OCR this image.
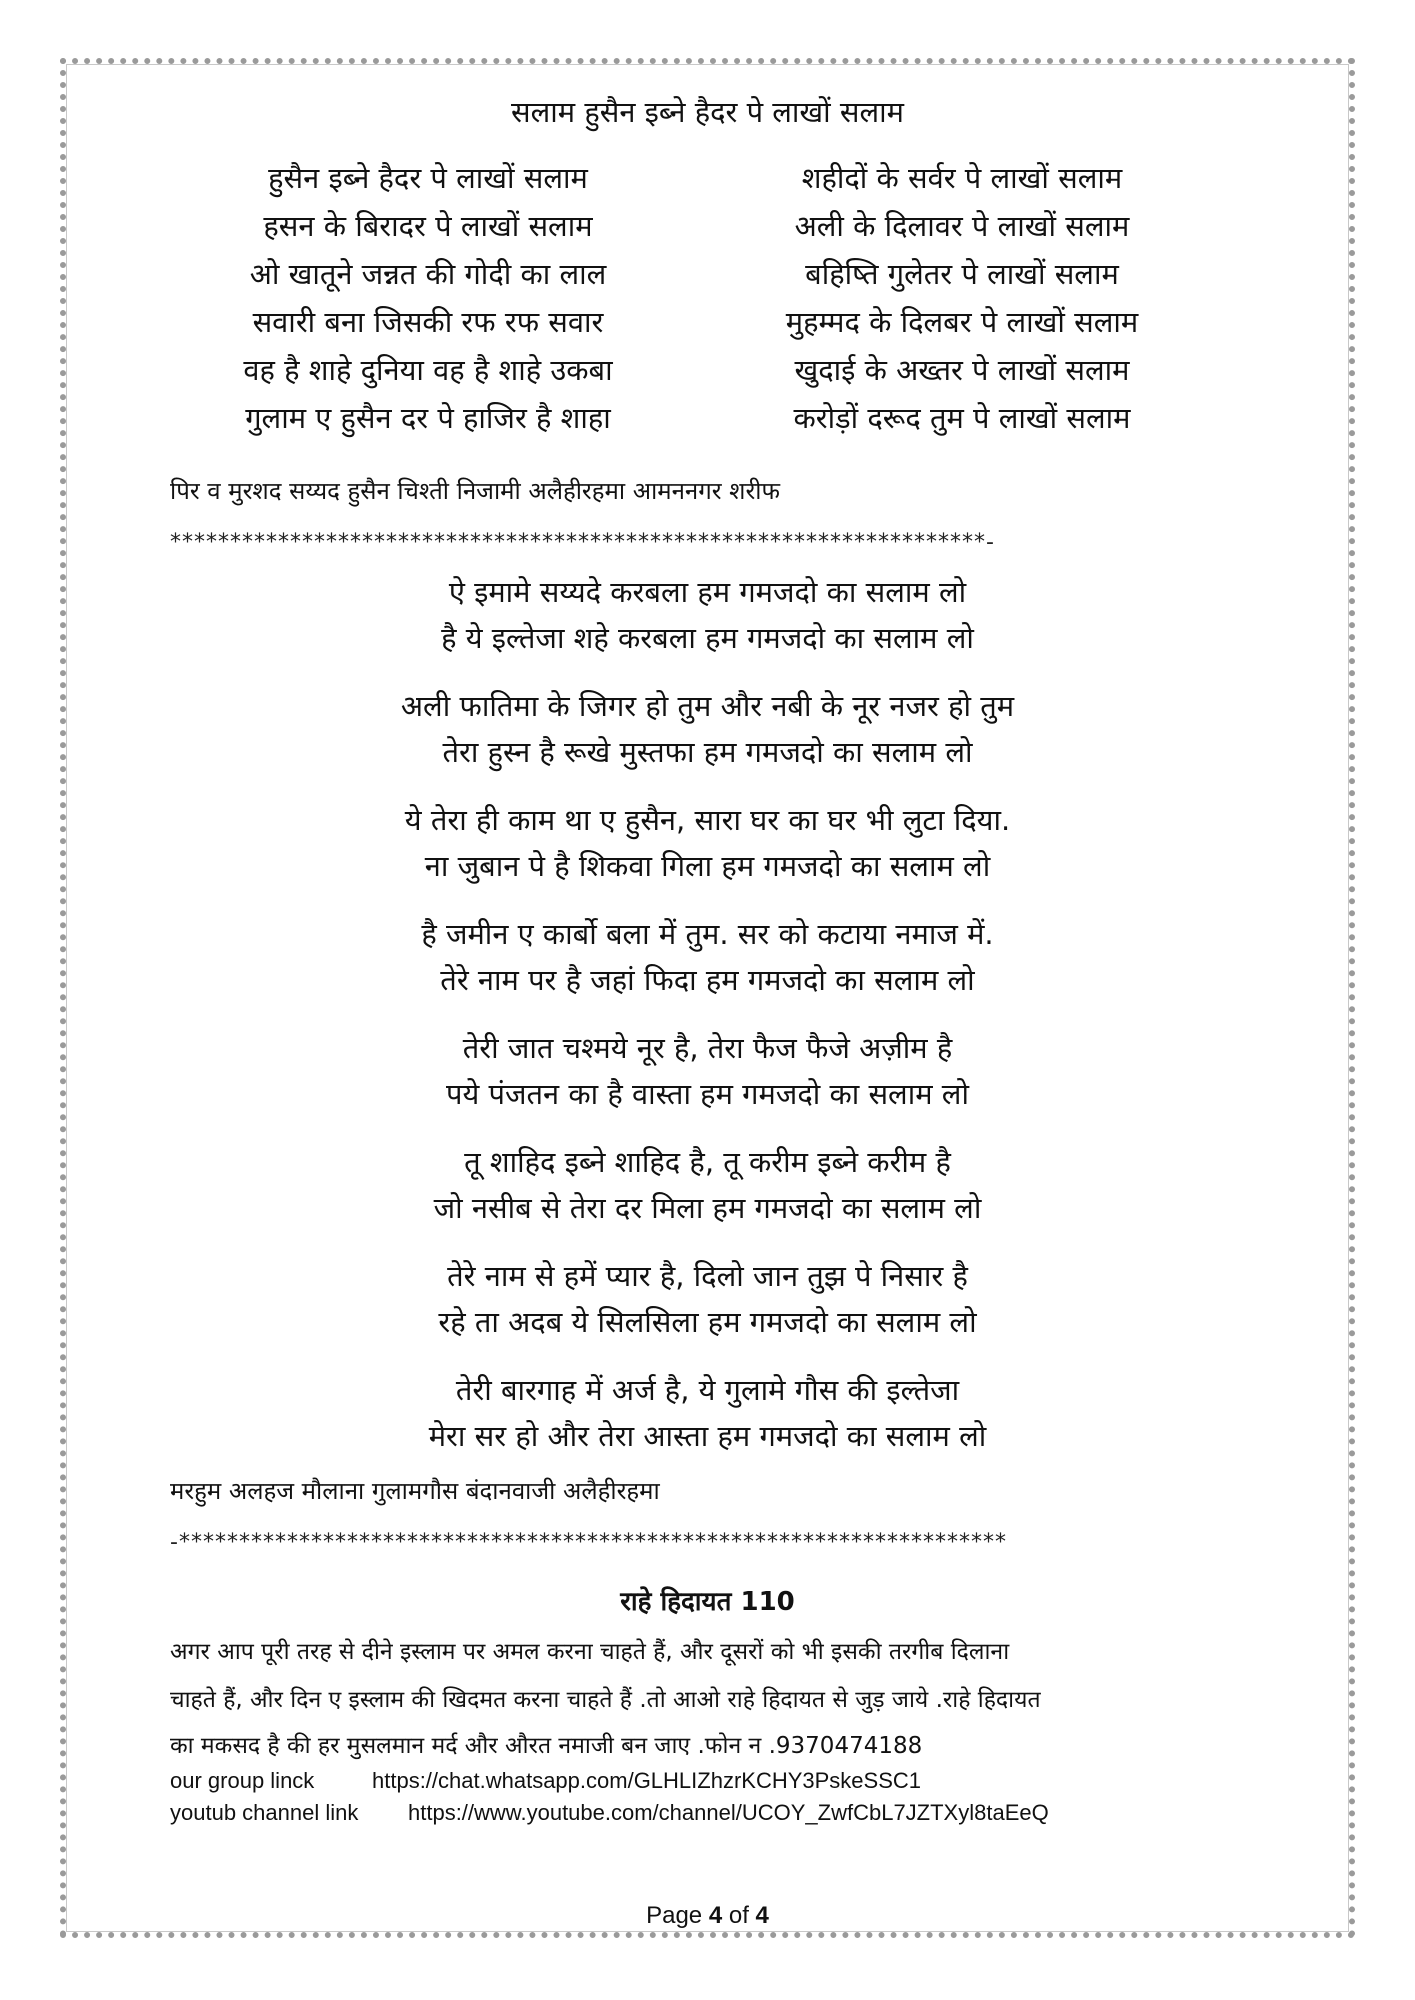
सलाम हुसैन इब्ने हैदर पे लाखों सलाम
हुसैन इब्ने हैदर पे लाखों सलाम
हसन के बिरादर पे लाखों सलाम
ओ खातूने जन्नत की गोदी का लाल
सवारी बना जिसकी रफ रफ सवार
वह है शाहे दुनिया वह है शाहे उकबा
गुलाम ए हुसैन दर पे हाजिर है शाहा
शहीदों के सर्वर पे लाखों सलाम
अली के दिलावर पे लाखों सलाम
बहिष्ति गुलेतर पे लाखों सलाम
मुहम्मद के दिलबर पे लाखों सलाम
खुदाई के अख्तर पे लाखों सलाम
करोड़ों दरूद तुम पे लाखों सलाम
पिर व मुरशद सय्यद हुसैन चिश्ती निजामी अलैहीरहमा आमननगर शरीफ
********************************************************************-
ऐ इमामे सय्यदे करबला हम गमजदो का सलाम लो
है ये इल्तेजा शहे करबला हम गमजदो का सलाम लो
अली फातिमा के जिगर हो तुम और नबी के नूर नजर हो तुम
तेरा हुस्न है रूखे मुस्तफा हम गमजदो का सलाम लो
ये तेरा ही काम था ए हुसैन, सारा घर का घर भी लुटा दिया.
ना जुबान पे है शिकवा गिला हम गमजदो का सलाम लो
है जमीन ए कार्बो बला में तुम. सर को कटाया नमाज में.
तेरे नाम पर है जहां फिदा हम गमजदो का सलाम लो
तेरी जात चश्मये नूर है, तेरा फैज फैजे अज़ीम है
पये पंजतन का है वास्ता हम गमजदो का सलाम लो
तू शाहिद इब्ने शाहिद है, तू करीम इब्ने करीम है
जो नसीब से तेरा दर मिला हम गमजदो का सलाम लो
तेरे नाम से हमें प्यार है, दिलो जान तुझ पे निसार है
रहे ता अदब ये सिलसिला हम गमजदो का सलाम लो
तेरी बारगाह में अर्ज है, ये गुलामे गौस की इल्तेजा
मेरा सर हो और तेरा आस्ता हम गमजदो का सलाम लो
मरहुम अलहज मौलाना गुलामगौस बंदानवाजी अलैहीरहमा
-*********************************************************************
राहे हिदायत 110
अगर आप पूरी तरह से दीने इस्लाम पर अमल करना चाहते हैं, और दूसरों को भी इसकी तरगीब दिलाना
चाहते हैं, और दिन ए इस्लाम की खिदमत करना चाहते हैं .तो आओ राहे हिदायत से जुड़ जाये .राहे हिदायत
का मकसद है की हर मुसलमान मर्द और औरत नमाजी बन जाए .फोन न .9370474188
our group linck	https://chat.whatsapp.com/GLHLIZhzrKCHY3PskeSSC1
youtub channel link https://www.youtube.com/channel/UCOY_ZwfCbL7JZTXyl8taEeQ
Page 4 of 4
